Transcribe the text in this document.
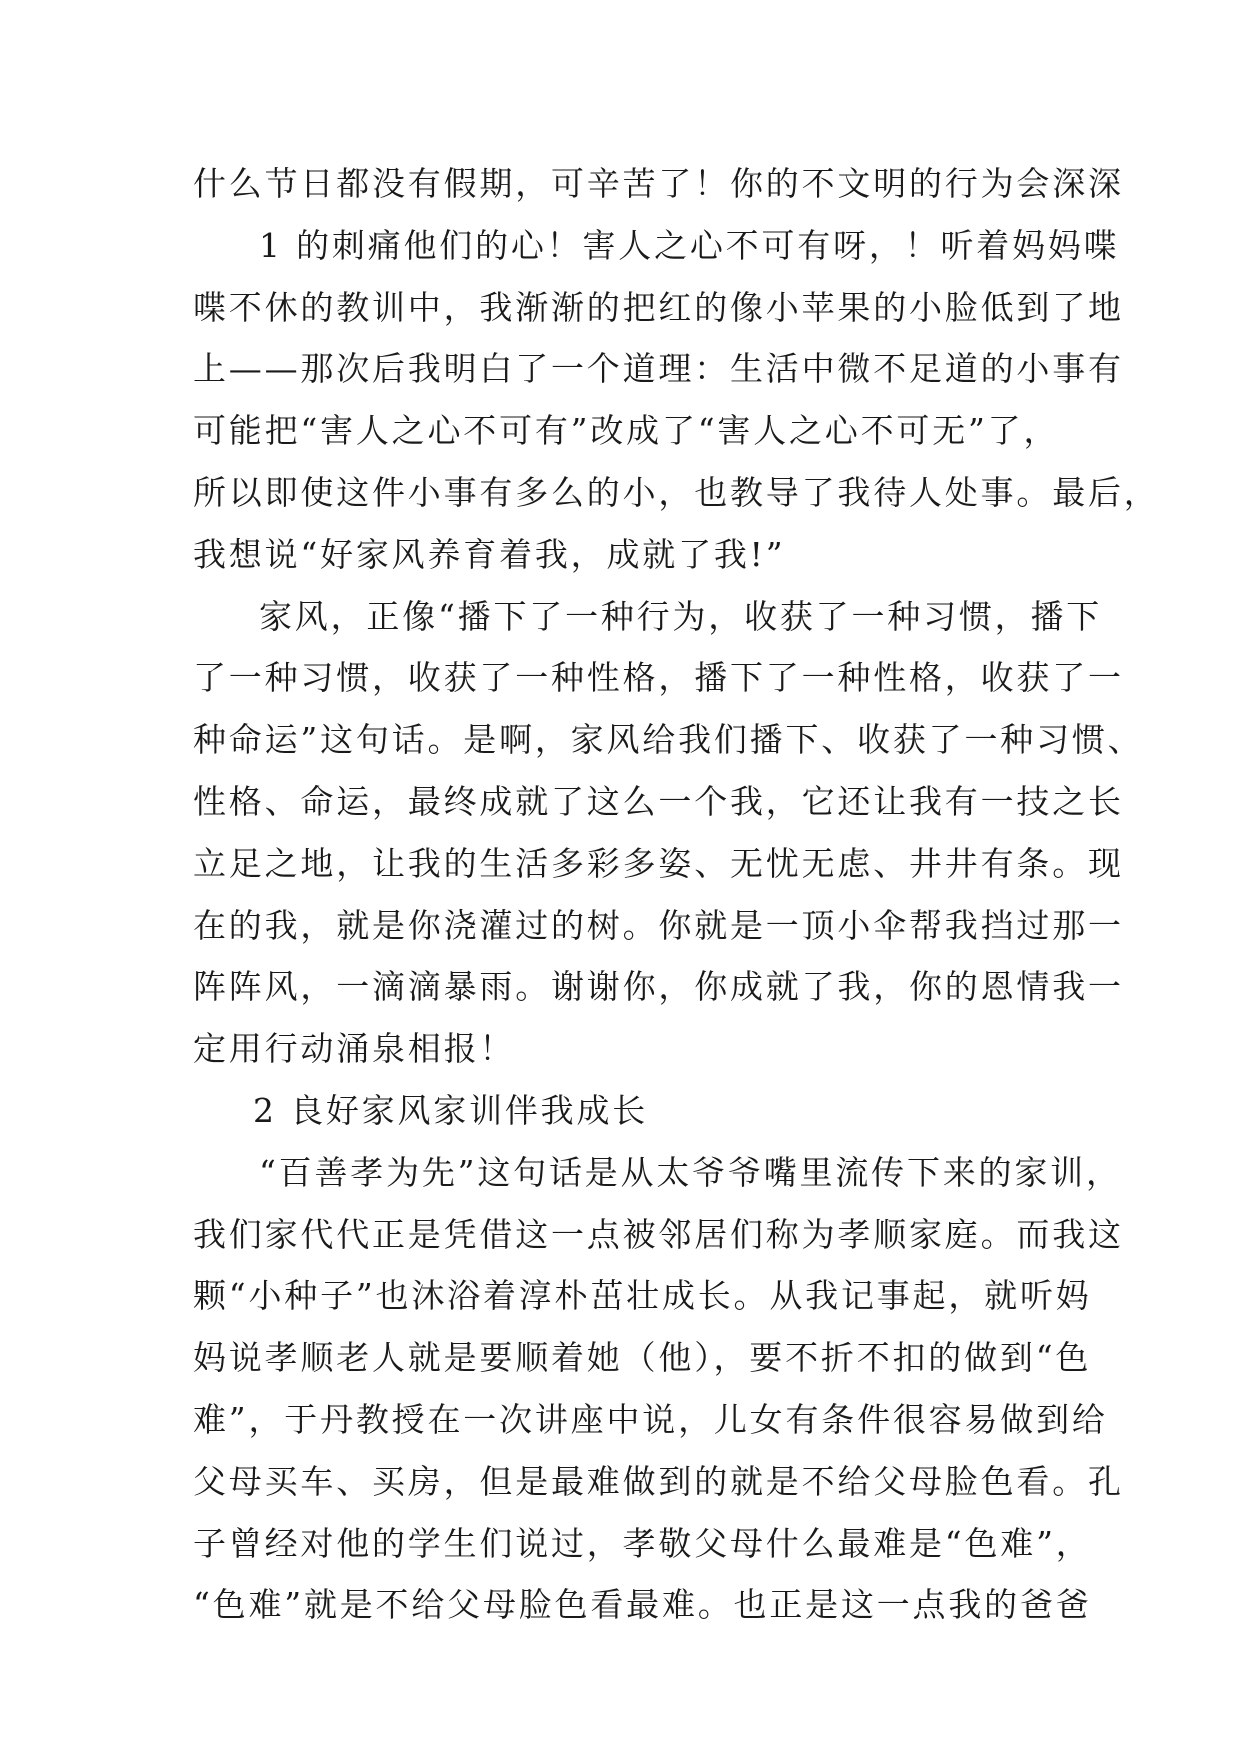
什么节日都没有假期，可辛苦了！你的不文明的行为会深深
1 的刺痛他们的心！害人之心不可有呀，！听着妈妈喋
喋不休的教训中，我渐渐的把红的像小苹果的小脸低到了地
上——那次后我明白了一个道理：生活中微不足道的小事有
可能把“害人之心不可有”改成了“害人之心不可无”了，
所以即使这件小事有多么的小，也教导了我待人处事。最后，
我想说“好家风养育着我，成就了我!”
家风，正像“播下了一种行为，收获了一种习惯，播下
了一种习惯，收获了一种性格，播下了一种性格，收获了一
种命运”这句话。是啊，家风给我们播下、收获了一种习惯、
性格、命运，最终成就了这么一个我，它还让我有一技之长
立足之地，让我的生活多彩多姿、无忧无虑、井井有条。现
在的我，就是你浇灌过的树。你就是一顶小伞帮我挡过那一
阵阵风，一滴滴暴雨。谢谢你，你成就了我，你的恩情我一
定用行动涌泉相报！
2 良好家风家训伴我成长
“百善孝为先”这句话是从太爷爷嘴里流传下来的家训，
我们家代代正是凭借这一点被邻居们称为孝顺家庭。而我这
颗“小种子”也沐浴着淳朴茁壮成长。从我记事起，就听妈
妈说孝顺老人就是要顺着她（他），要不折不扣的做到“色
难”，于丹教授在一次讲座中说，儿女有条件很容易做到给
父母买车、买房，但是最难做到的就是不给父母脸色看。孔
子曾经对他的学生们说过，孝敬父母什么最难是“色难”，
“色难”就是不给父母脸色看最难。也正是这一点我的爸爸
